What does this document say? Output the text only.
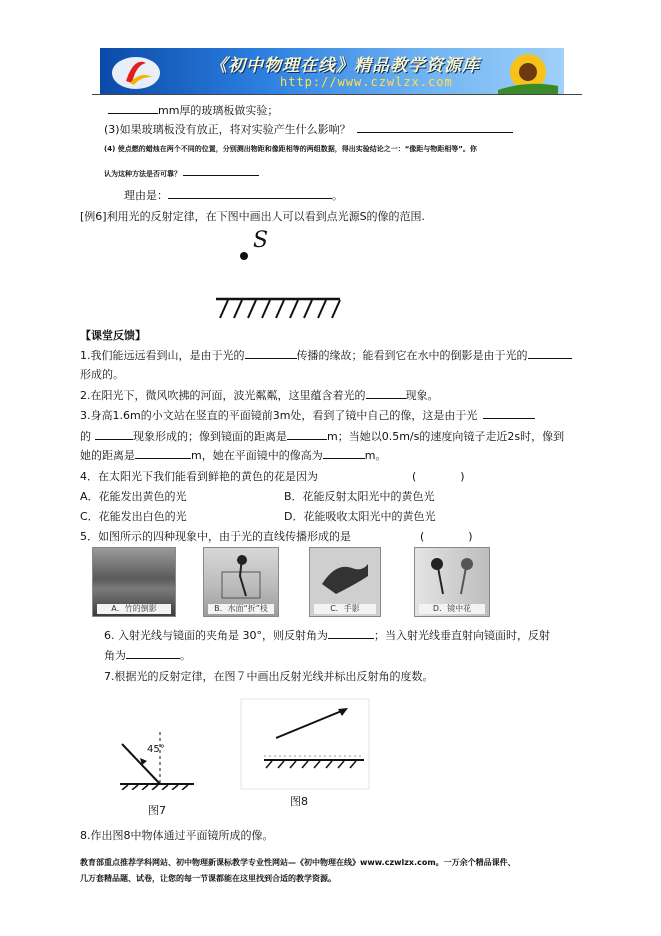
《初中物理在线》精品教学资源库
http://www.czwlzx.com
mm厚的玻璃板做实验；
(3)如果玻璃板没有放正，将对实验产生什么影响？
(4) 使点燃的蜡烛在两个不同的位置，分别测出物距和像距相等的两组数据，得出实验结论之一：“像距与物距相等”。你
认为这种方法是否可靠？
理由是：	。
[例6]利用光的反射定律，在下图中画出人可以看到点光源S的像的范围.
S
【课堂反馈】
1.我们能远远看到山，是由于光的	传播的缘故；能看到它在水中的倒影是由于光的
形成的。
2.在阳光下，微风吹拂的河面，波光粼粼，这里蕴含着光的	现象。
3.身高1.6m的小文站在竖直的平面镜前3m处，看到了镜中自己的像，这是由于光
的	现象形成的；像到镜面的距离是	m；当她以0.5m/s的速度向镜子走近2s时，像到
她的距离是	m，她在平面镜中的像高为	m。
4．在太阳光下我们能看到鲜艳的黄色的花是因为	(　　　　)
A．花能发出黄色的光	B．花能反射太阳光中的黄色光
C．花能发出白色的光	D．花能吸收太阳光中的黄色光
5．如图所示的四种现象中，由于光的直线传播形成的是	(　　　　)
A．竹的倒影	B．水面“折”枝	C．手影	D．镜中花
6. 入射光线与镜面的夹角是 30°，则反射角为	；当入射光线垂直射向镜面时，反射
角为	。
7.根据光的反射定律，在图７中画出反射光线并标出反射角的度数。
45°
图7
图8
8.作出图8中物体通过平面镜所成的像。
教育部重点推荐学科网站、初中物理新课标教学专业性网站—《初中物理在线》www.czwlzx.com。一万余个精品课件、
几万套精品题、试卷，让您的每一节课都能在这里找到合适的教学资源。
